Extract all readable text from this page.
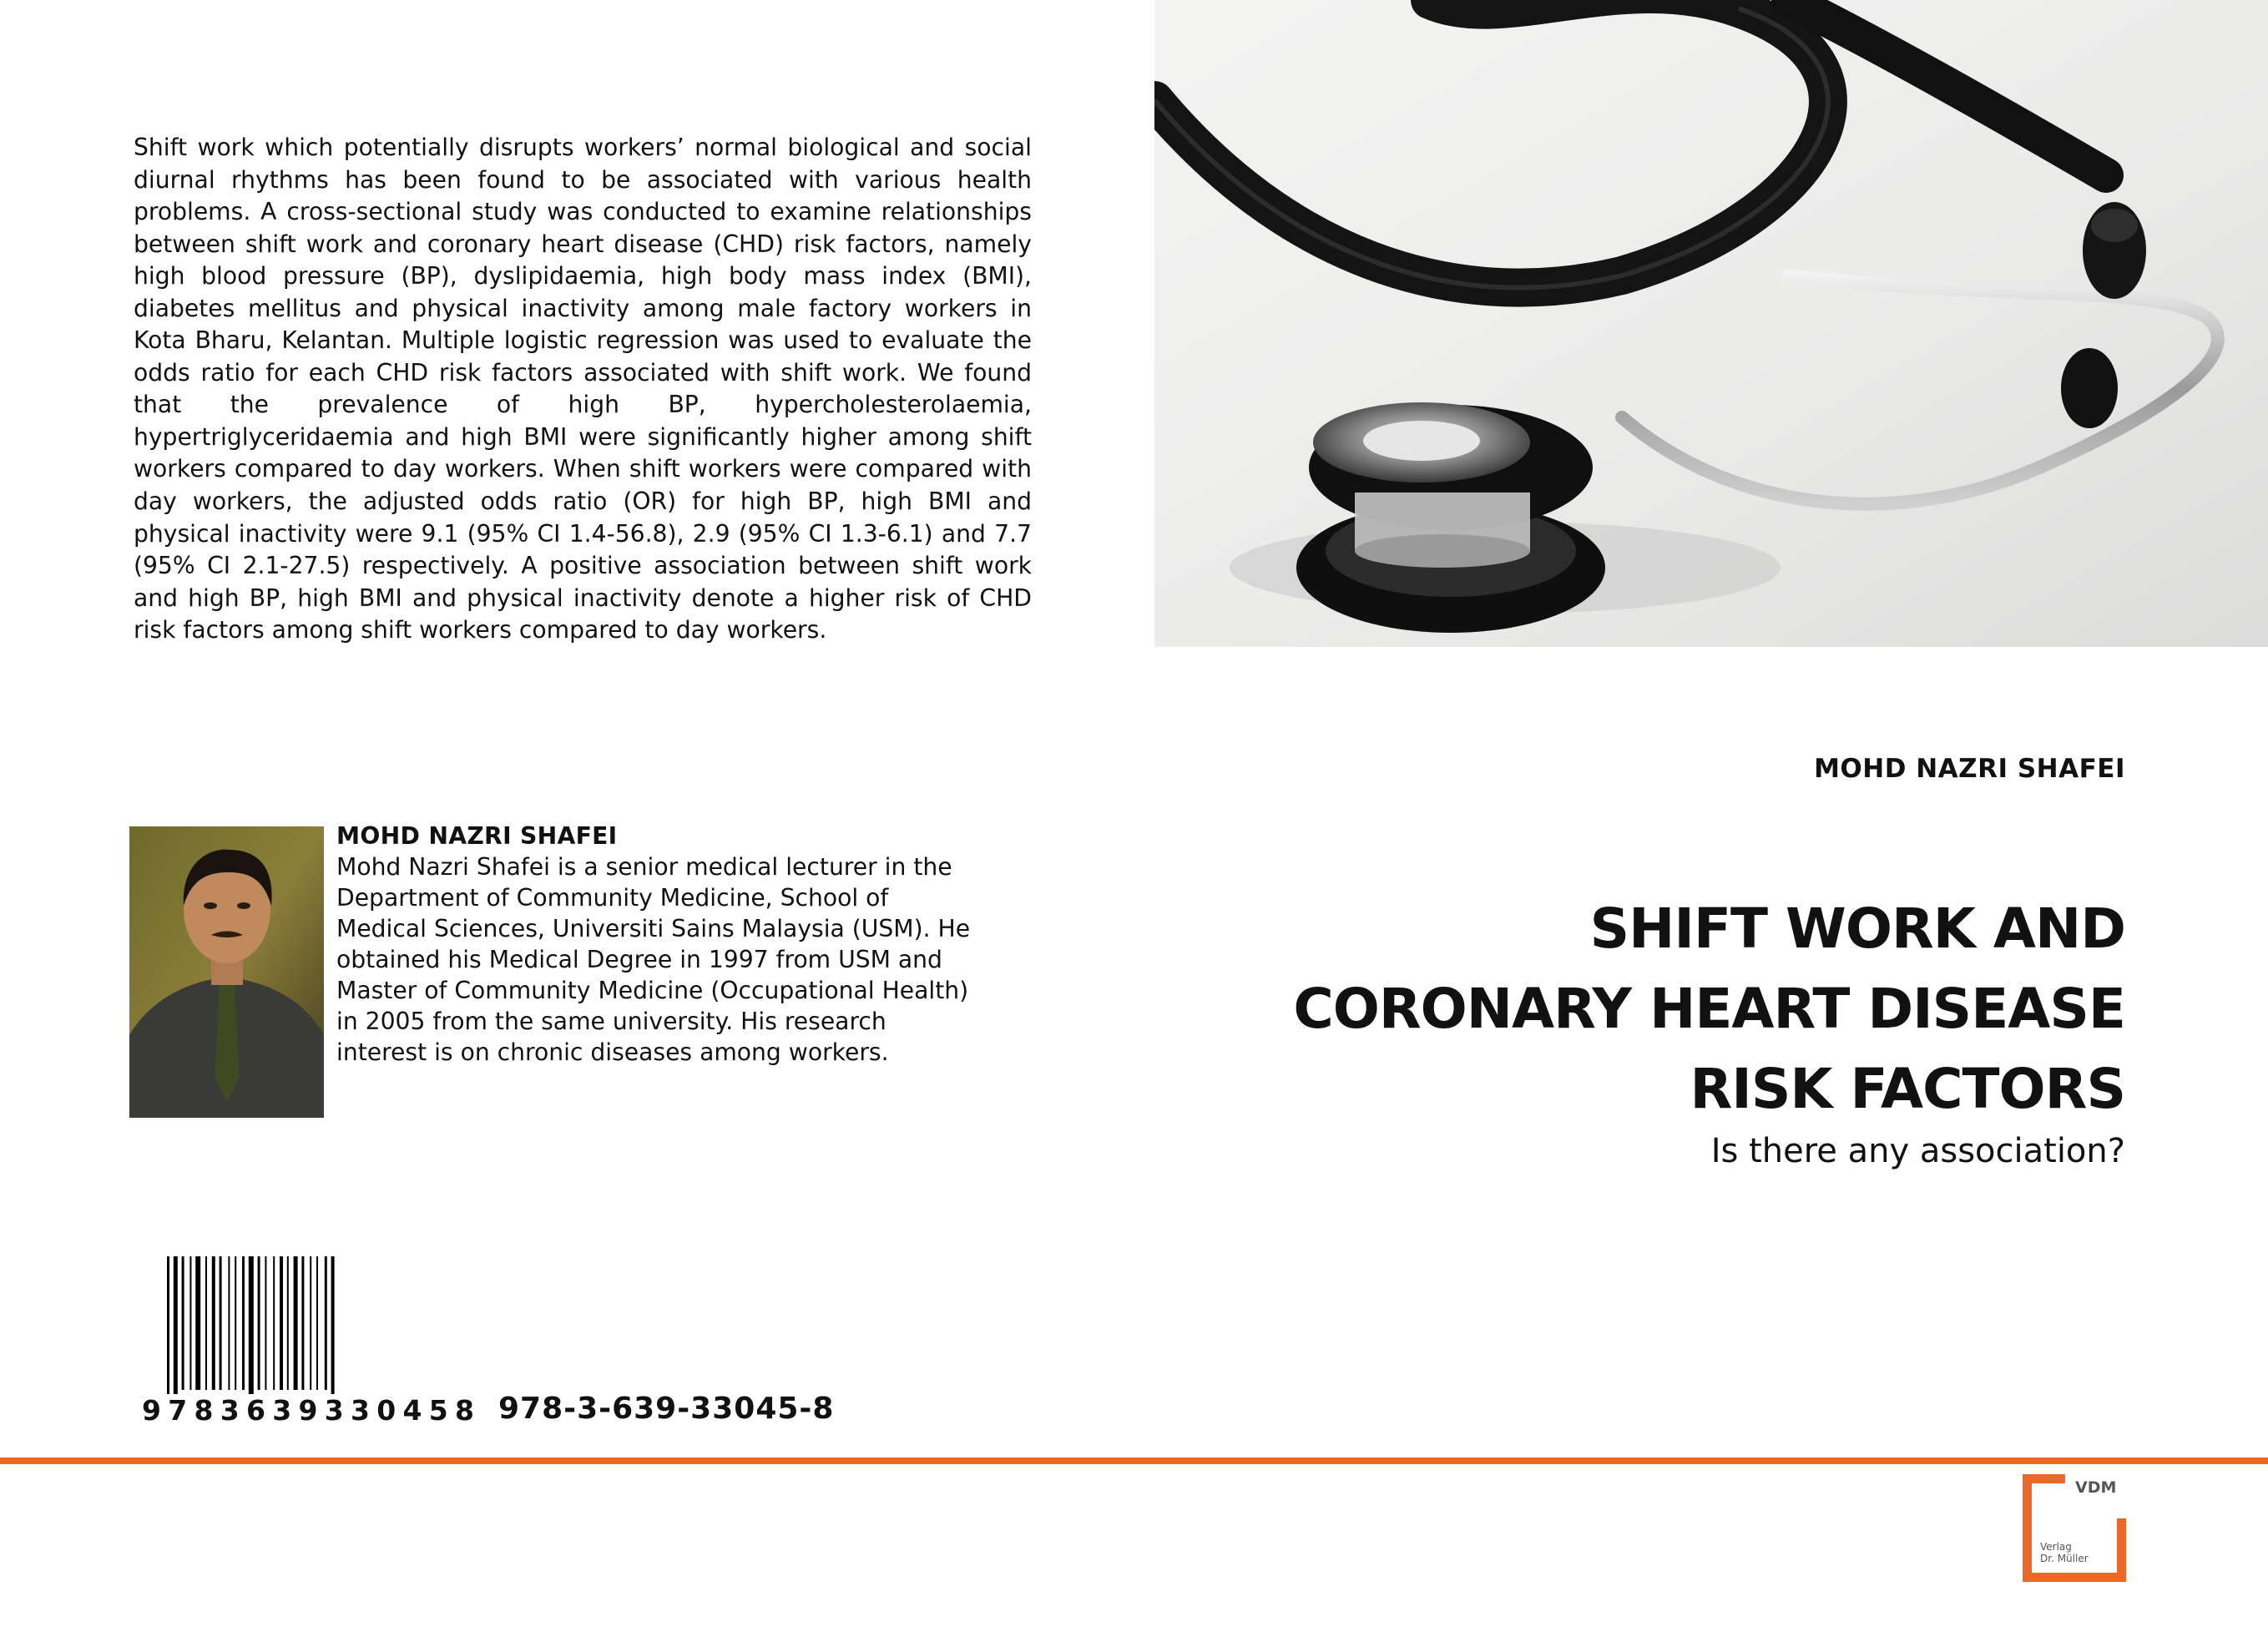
Shift work which potentially disrupts workers’ normal biological and social diurnal rhythms has been found to be associated with various health problems. A cross-sectional study was conducted to examine relationships between shift work and coronary heart disease (CHD) risk factors, namely high blood pressure (BP), dyslipidaemia, high body mass index (BMI), diabetes mellitus and physical inactivity among male factory workers in Kota Bharu, Kelantan. Multiple logistic regression was used to evaluate the odds ratio for each CHD risk factors associated with shift work. We found that the prevalence of high BP, hypercholesterolaemia, hypertriglyceridaemia and high BMI were significantly higher among shift workers compared to day workers. When shift workers were compared with day workers, the adjusted odds ratio (OR) for high BP, high BMI and physical inactivity were 9.1 (95% CI 1.4-56.8), 2.9 (95% CI 1.3-6.1) and 7.7 (95% CI 2.1-27.5) respectively. A positive association between shift work and high BP, high BMI and physical inactivity denote a higher risk of CHD risk factors among shift workers compared to day workers.

MOHD NAZRI SHAFEI
SHIFT WORK AND
CORONARY HEART DISEASE
RISK FACTORS
Is there any association?
MOHD NAZRI SHAFEI
Mohd Nazri Shafei is a senior medical lecturer in the Department of Community Medicine, School of Medical Sciences, Universiti Sains Malaysia (USM). He obtained his Medical Degree in 1997 from USM and Master of Community Medicine (Occupational Health) in 2005 from the same university. His research interest is on chronic diseases among workers.
9 7 8 3 6 3 9 3 3 0 4 5 8 978-3-639-33045-8
VDM
Verlag
Dr. Müller
